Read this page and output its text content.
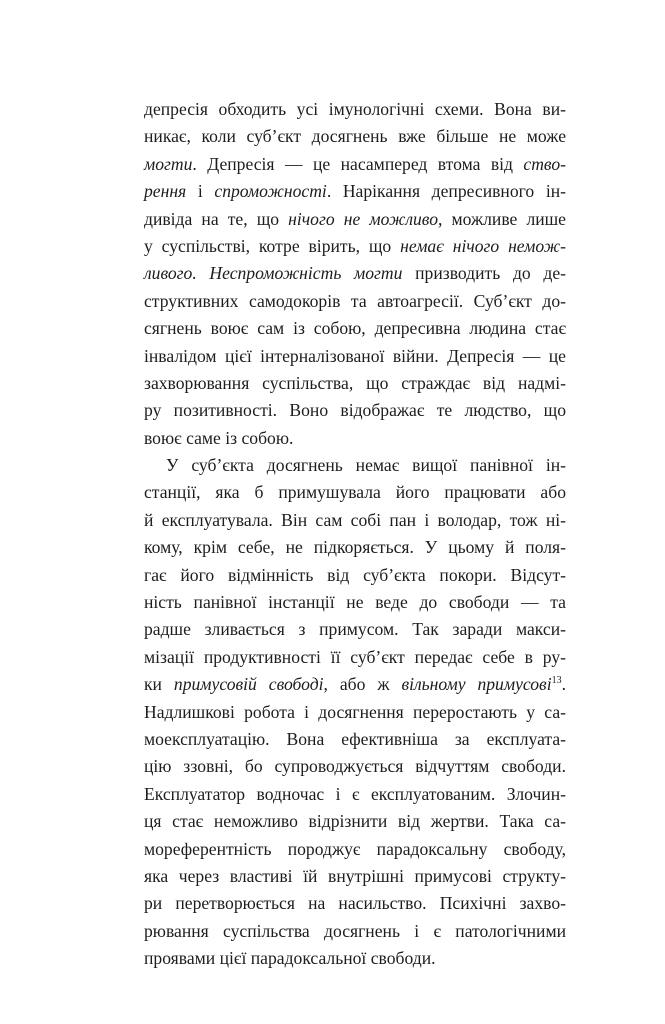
депресія обходить усі імунологічні схеми. Вона ви-
никає, коли суб’єкт досягнень вже більше не може
могти. Депресія — це насамперед втома від ство-
рення і спроможності. Нарікання депресивного ін-
дивіда на те, що нічого не можливо, можливе лише
у суспільстві, котре вірить, що немає нічого немож-
ливого. Неспроможність могти призводить до де-
структивних самодокорів та автоагресії. Суб’єкт до-
сягнень воює сам із собою, депресивна людина стає
інвалідом цієї інтерналізованої війни. Депресія — це
захворювання суспільства, що страждає від надмі-
ру позитивності. Воно відображає те людство, що
воює саме із собою.
У суб’єкта досягнень немає вищої панівної ін-
станції, яка б примушувала його працювати або
й експлуатувала. Він сам собі пан і володар, тож ні-
кому, крім себе, не підкоряється. У цьому й поля-
гає його відмінність від суб’єкта покори. Відсут-
ність панівної інстанції не веде до свободи — та
радше зливається з примусом. Так заради макси-
мізації продуктивності її суб’єкт передає себе в ру-
ки примусовій свободі, або ж вільному примусові$^{13}$.
Надлишкові робота і досягнення переростають у са-
моексплуатацію. Вона ефективніша за експлуата-
цію ззовні, бо супроводжується відчуттям свободи.
Експлуататор водночас і є експлуатованим. Злочин-
ця стає неможливо відрізнити від жертви. Така са-
мореферентність породжує парадоксальну свободу,
яка через властиві їй внутрішні примусові структу-
ри перетворюється на насильство. Психічні захво-
рювання суспільства досягнень і є патологічними
проявами цієї парадоксальної свободи.
